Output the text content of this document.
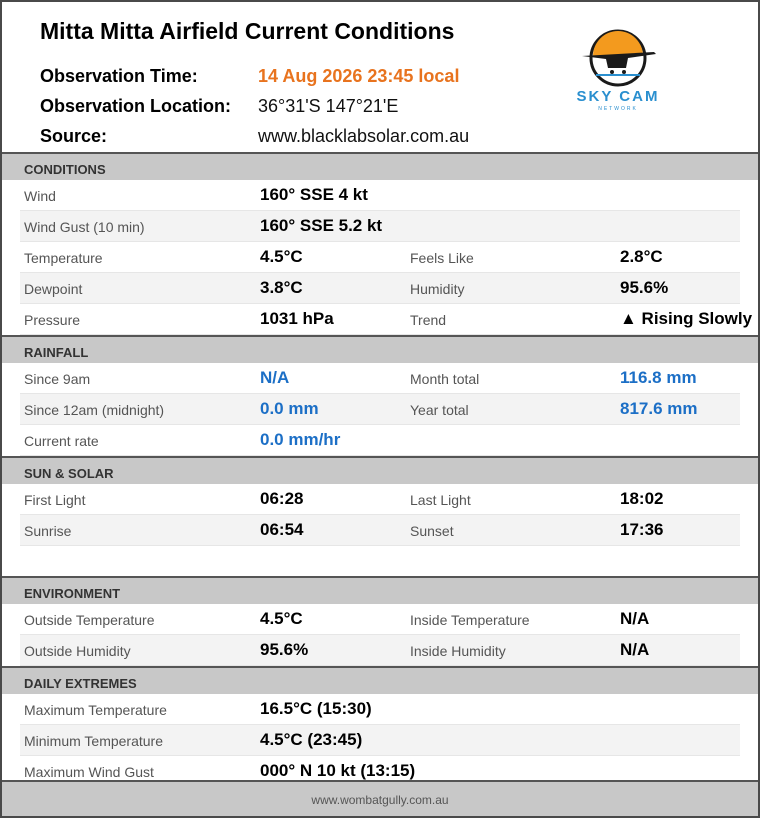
Mitta Mitta Airfield Current Conditions
Observation Time:	14 Aug 2026 23:45 local
Observation Location: 36°31'S 147°21'E
Source:	www.blacklabsolar.com.au
SKY CAM
NETWORK
CONDITIONS
Wind	160° SSE 4 kt
Wind Gust (10 min)	160° SSE 5.2 kt
Temperature	4.5°C	Feels Like	2.8°C
Dewpoint	3.8°C	Humidity	95.6%
Pressure	1031 hPa	Trend	▲ Rising Slowly
RAINFALL
Since 9am	N/A	Month total	116.8 mm
Since 12am (midnight)	0.0 mm	Year total	817.6 mm
Current rate	0.0 mm/hr
SUN & SOLAR
First Light	06:28	Last Light	18:02
Sunrise	06:54	Sunset	17:36
ENVIRONMENT
Outside Temperature	4.5°C	Inside Temperature	N/A
Outside Humidity	95.6%	Inside Humidity	N/A
DAILY EXTREMES
Maximum Temperature	16.5°C (15:30)
Minimum Temperature	4.5°C (23:45)
Maximum Wind Gust	000° N 10 kt (13:15)
www.wombatgully.com.au
